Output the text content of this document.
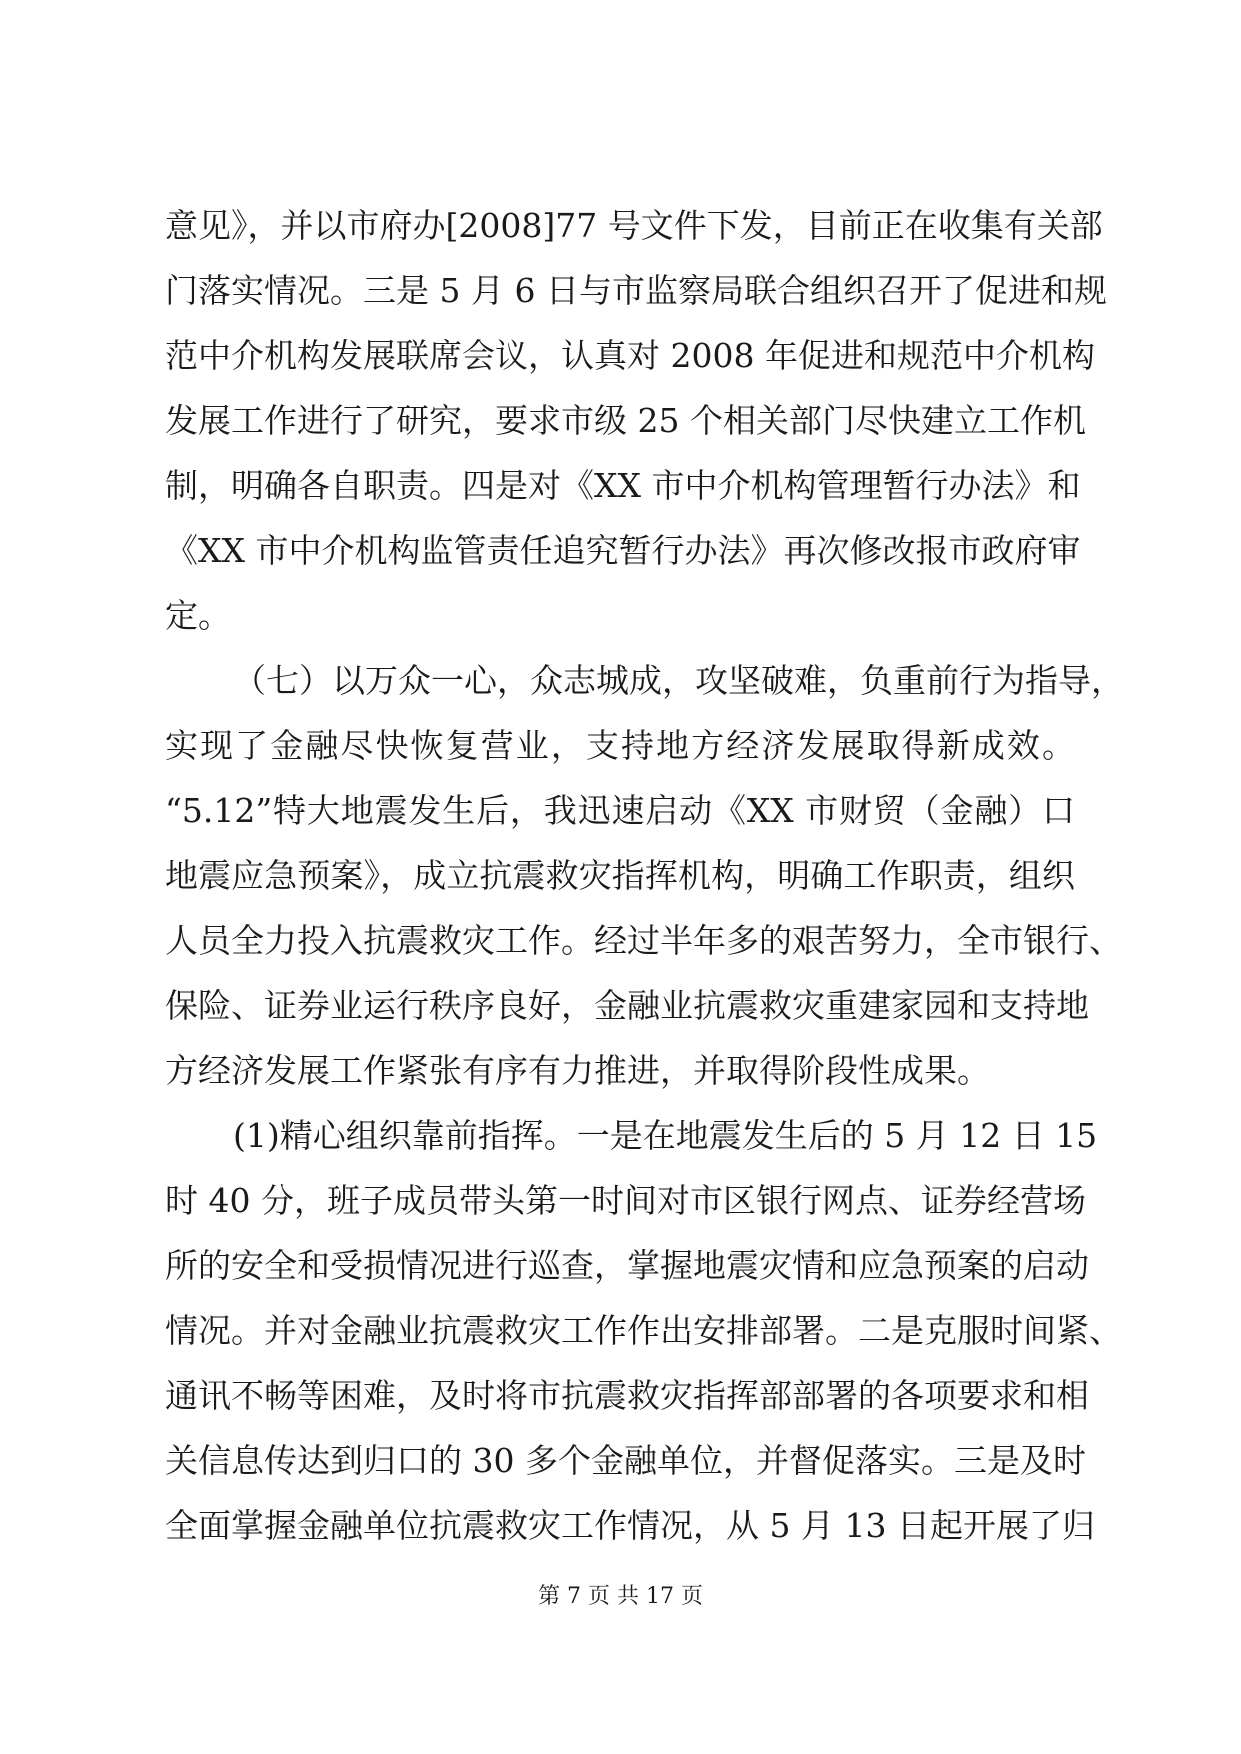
意见》，并以市府办[2008]77 号文件下发，目前正在收集有关部
门落实情况。三是 5 月 6 日与市监察局联合组织召开了促进和规
范中介机构发展联席会议，认真对 2008 年促进和规范中介机构
发展工作进行了研究，要求市级 25 个相关部门尽快建立工作机
制，明确各自职责。四是对《XX 市中介机构管理暂行办法》和
《XX 市中介机构监管责任追究暂行办法》再次修改报市政府审
定。
（七）以万众一心，众志城成，攻坚破难，负重前行为指导，
实现了金融尽快恢复营业，支持地方经济发展取得新成效。
“5.12”特大地震发生后，我迅速启动《XX 市财贸（金融）口
地震应急预案》，成立抗震救灾指挥机构，明确工作职责，组织
人员全力投入抗震救灾工作。经过半年多的艰苦努力，全市银行、
保险、证券业运行秩序良好，金融业抗震救灾重建家园和支持地
方经济发展工作紧张有序有力推进，并取得阶段性成果。
(1)精心组织靠前指挥。一是在地震发生后的 5 月 12 日 15
时 40 分，班子成员带头第一时间对市区银行网点、证券经营场
所的安全和受损情况进行巡查，掌握地震灾情和应急预案的启动
情况。并对金融业抗震救灾工作作出安排部署。二是克服时间紧、
通讯不畅等困难，及时将市抗震救灾指挥部部署的各项要求和相
关信息传达到归口的 30 多个金融单位，并督促落实。三是及时
全面掌握金融单位抗震救灾工作情况，从 5 月 13 日起开展了归
第 7 页 共 17 页
